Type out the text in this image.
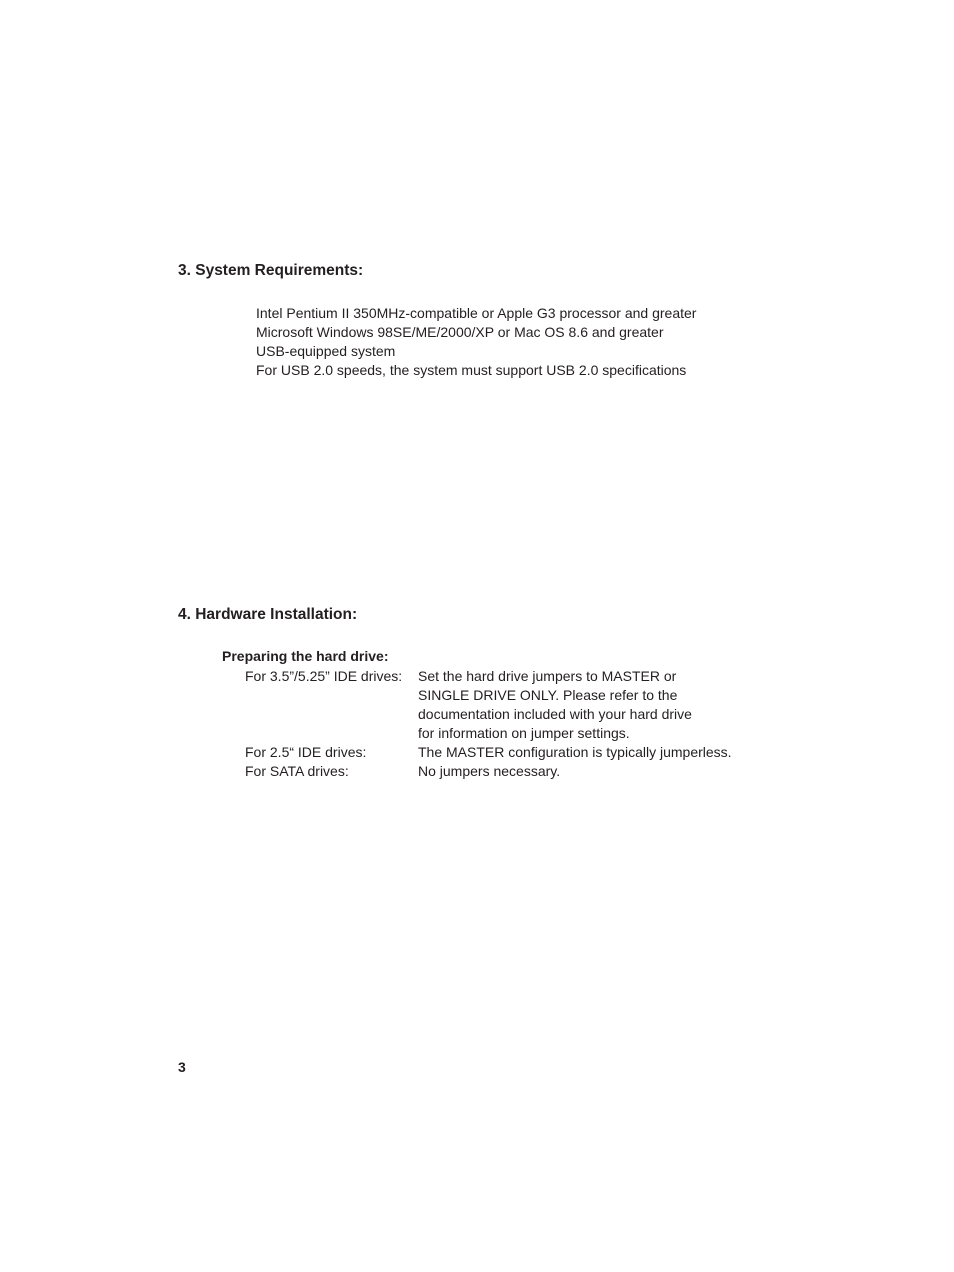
3. System Requirements:
Intel Pentium II 350MHz-compatible or Apple G3 processor and greater
Microsoft Windows 98SE/ME/2000/XP or Mac OS 8.6 and greater
USB-equipped system
For USB 2.0 speeds, the system must support USB 2.0 specifications
4. Hardware Installation:
Preparing the hard drive:
For 3.5”/5.25” IDE drives: Set the hard drive jumpers to MASTER or
SINGLE DRIVE ONLY. Please refer to the
documentation included with your hard drive
for information on jumper settings.
For 2.5“ IDE drives:	The MASTER configuration is typically jumperless.
For SATA drives:	No jumpers necessary.
3
